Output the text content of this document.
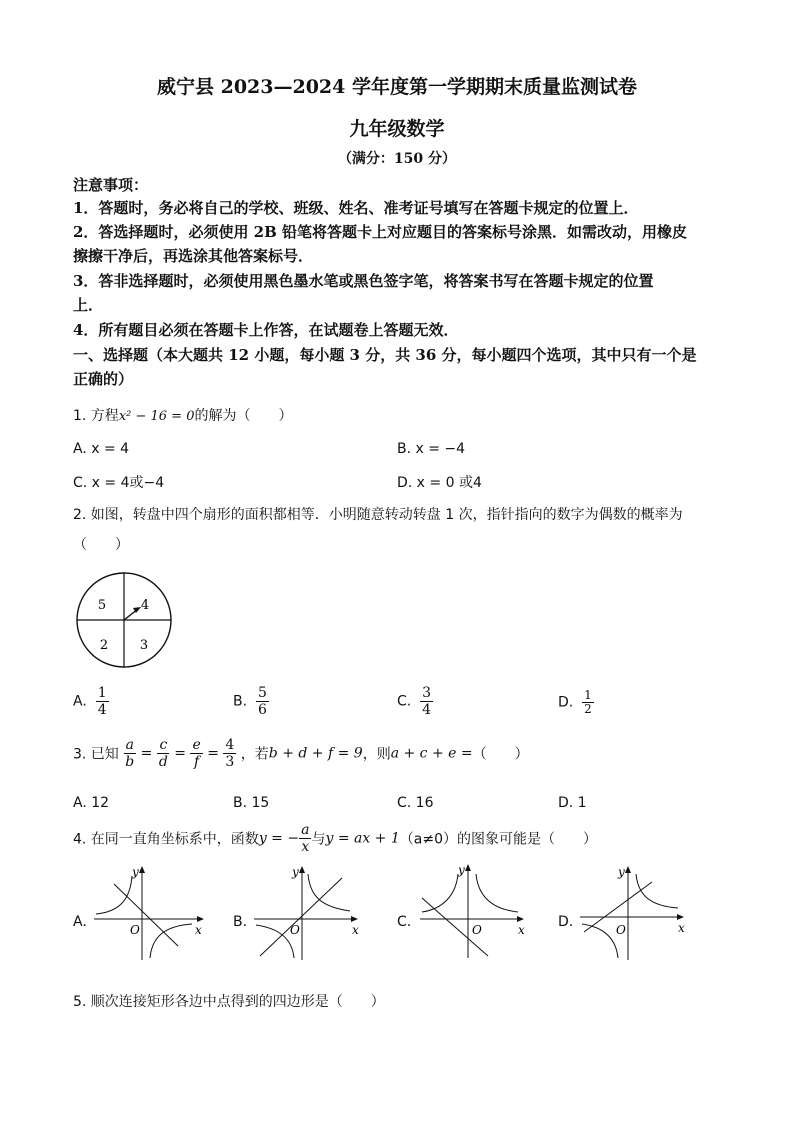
威宁县 2023—2024 学年度第一学期期末质量监测试卷
九年级数学
（满分：150 分）
注意事项：
1．答题时，务必将自己的学校、班级、姓名、准考证号填写在答题卡规定的位置上．
2．答选择题时，必须使用 2B 铅笔将答题卡上对应题目的答案标号涂黑．如需改动，用橡皮
擦擦干净后，再选涂其他答案标号．
3．答非选择题时，必须使用黑色墨水笔或黑色签字笔，将答案书写在答题卡规定的位置
上．
4．所有题目必须在答题卡上作答，在试题卷上答题无效．
一、选择题（本大题共 12 小题，每小题 3 分，共 36 分，每小题四个选项，其中只有一个是
正确的）
1. 方程x² − 16 = 0的解为（　　）
A. x = 4	B. x = −4
C. x = 4或−4	D. x = 0 或4
2. 如图，转盘中四个扇形的面积都相等．小明随意转动转盘 1 次，指针指向的数字为偶数的概率为
（　　）
5	4
2 3
A. $\frac{1}{4}$	B. $\frac{5}{6}$	C. $\frac{3}{4}$	D. $\frac{1}{2}$
3. 已知 $\frac{a}{b} = \frac{c}{d} = \frac{e}{f} = \frac{4}{3}$ ，若b + d + f = 9，则a + c + e =（　　）
A. 12	B. 15	C. 16	D. 1
4. 在同一直角坐标系中，函数y = − $\frac{a}{x}$ 与y = ax + 1（a≠0）的图象可能是（　　）
A.	x
y
O	B.	x
y
O	C.	x
y
O	D.	x
y
O
5. 顺次连接矩形各边中点得到的四边形是（　　）
